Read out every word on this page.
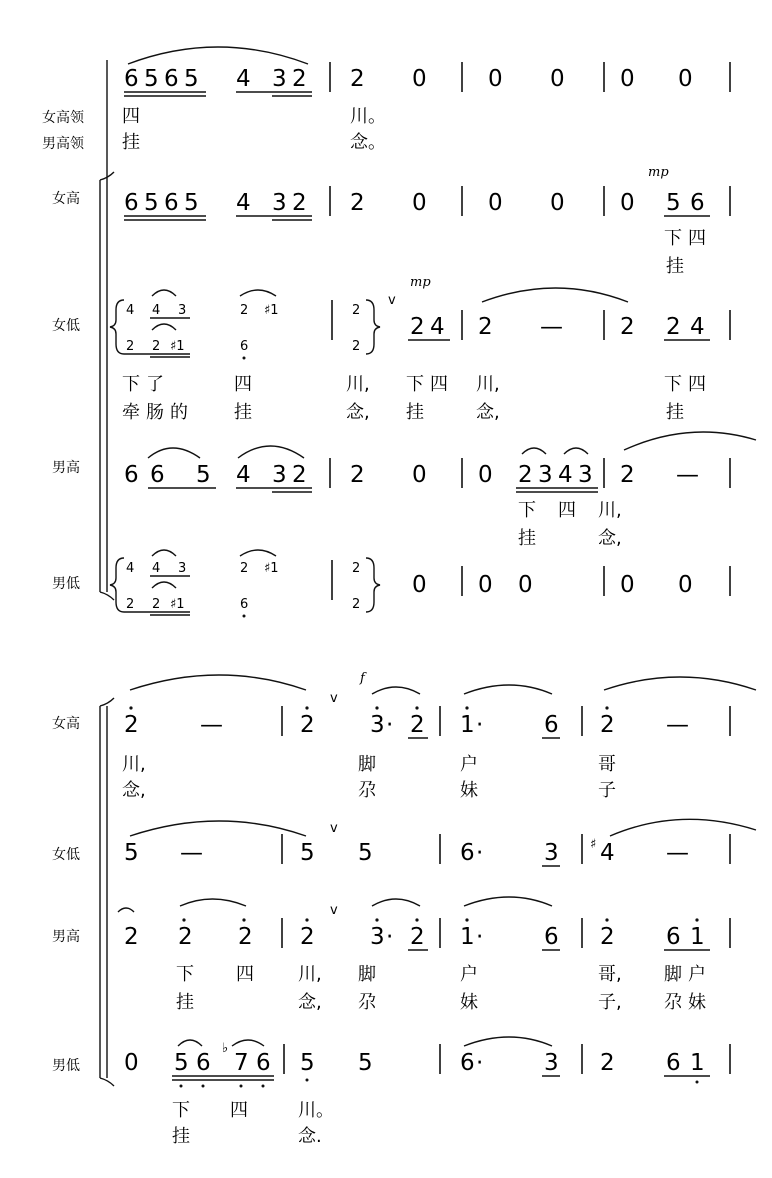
女高领
男高领
女高
女低
男高
男低
6 5 6 5 4 3 2 2 0	0 0 0 0
四	川。
挂	念。
6 5 6 5 4 3 2 2 0	0 0 0
mp
5 6
下 四
挂
4 4 3	2 ♯1
2 2 ♯1	6
2
2
v
mp
2 4 2 — 2 2 4
下 了	四	川, 下 四 川,	下 四
牵 肠 的	挂	念, 挂	念,	挂
6 6 5 4 3 2 2 0 0 2 3 4 3 2 —
下 四 川,
挂	念,
4 4 3	2 ♯1
2 2 ♯1	6
2
2
0 0 0	0 0
女高
女低
男高
男低
2	—	2
v
f
3 · 2 1 ·	6 2 —
川,	脚	户	哥
念,	尕	妹	子
5 —	5
v
5	6 ·	3 ♯ 4 —
2 2 2 2
v
3 · 2 1 ·	6 2 6 1
下 四 川, 脚	户	哥, 脚 户
挂	念, 尕	妹	子, 尕 妹
0 5 6
♭
7 6 5 5	6 ·	3 2 6 1
下 四	川。
挂	念.
